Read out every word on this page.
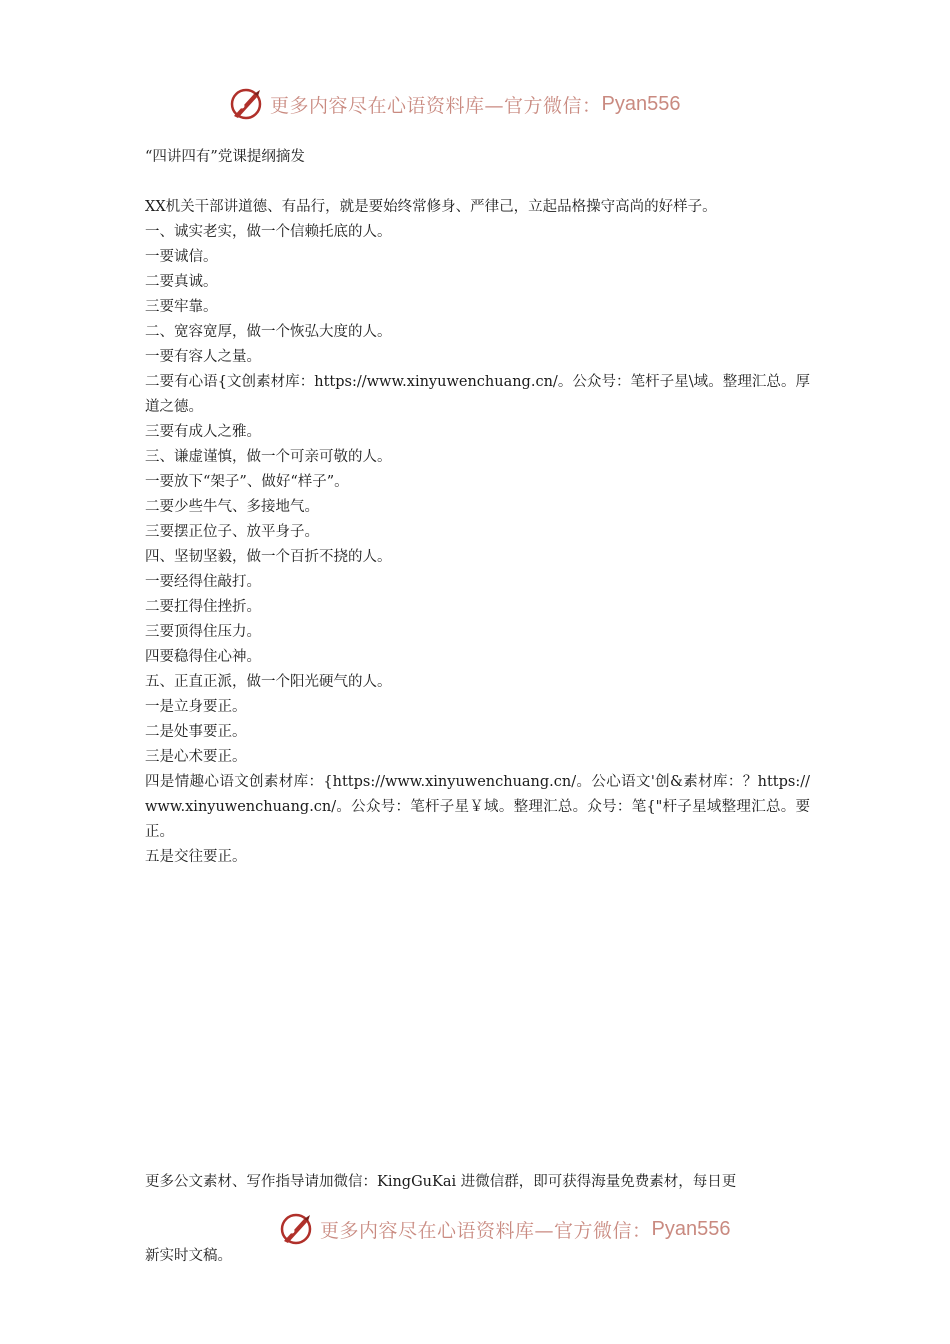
更多内容尽在心语资料库—官方微信： Pyan556
“四讲四有”党课提纲摘发

XX机关干部讲道德、有品行，就是要始终常修身、严律己，立起品格操守高尚的好样子。

一、诚实老实，做一个信赖托底的人。

一要诚信。

二要真诚。

三要牢靠。

二、宽容宽厚，做一个恢弘大度的人。

一要有容人之量。

二要有心语{文创素材库：https://www.xinyuwenchuang.cn/。公众号：笔杆子星\域。整理汇总。厚道之德。

三要有成人之雅。

三、谦虚谨慎，做一个可亲可敬的人。

一要放下“架子”、做好“样子”。

二要少些牛气、多接地气。

三要摆正位子、放平身子。

四、坚韧坚毅，做一个百折不挠的人。

一要经得住敲打。

二要扛得住挫折。

三要顶得住压力。

四要稳得住心神。

五、正直正派，做一个阳光硬气的人。

一是立身要正。

二是处事要正。

三是心术要正。

四是情趣心语文创素材库：{https://www.xinyuwenchuang.cn/。公心语文'创&素材库：？https://www.xinyuwenchuang.cn/。公众号：笔杆子星￥域。整理汇总。众号：笔{"杆子星域整理汇总。要正。

五是交往要正。

更多公文素材、写作指导请加微信：KingGuKai 进微信群，即可获得海量免费素材，每日更

更多内容尽在心语资料库—官方微信： Pyan556

新实时文稿。
